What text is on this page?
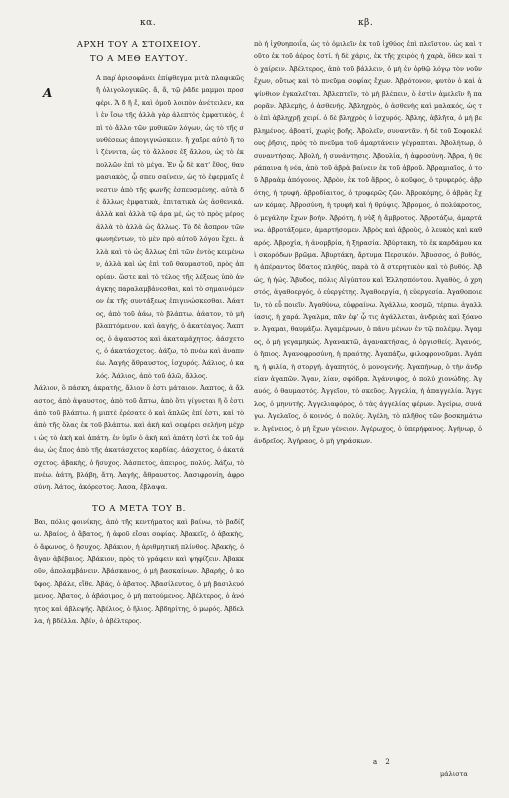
κα.	κβ.

ΑΡΧΗ ΤΟΥ Α ΣΤΟΙΧΕΙΟΥ.

ΤΟ Α ΜΕΘ ΕΑΥΤΟΥ.

Α
Α παρ̕ ἀρισοφάνει ἐπίφθεγμα μιτὰ πλαφικῶς ἢ ὀλιγολογικῶς. ἄ, ἄ, τῷ ῥᾶδε μαμμοι προσφέρι. Ἄ δ ἢ ἕ, καὶ ὁμοῦ λοιπὸν ἀνέτειλεν, καὶ ἐν ἴσω τῆς ἀλλὰ γὰρ ἀλεπτὸς ἐμφατικὸς, ἐπὶ τὸ ἄλλο τῶν μυθικῶν λόγων, ὡς τὸ τῆς συνθέσεως ἀπογιγνώσκειν. ἢ χαῖρε αὐτὸ ἢ τοὶ ζέννιτα, ὡς τὸ ἄλλοσε ἐξ ἄλλου, ὡς τὸ ἐκ πολλῶν ἐπὶ τὸ μέγα. Ἐν ᾧ δὲ κατ' ἔθος, θαυμασιακὸς, ᾧ σπευ σαίνειν, ὡς τὸ ἐφερμαῖς ἐνεστιν ἀπὸ τῆς φωνῆς ἐσπευσμένης. αὐτὰ δὲ ἄλλως ἐμφατικὰ, ἐπιτατικὰ ὡς ἀσθενικά. ἀλλὰ καὶ ἀλλὰ τῷ ἀρα μέ, ὡς τὸ πρὸς μέρος ἀλλὰ τὸ ἀλλὰ ὡς ἄλλως. Τὸ δὲ ἄσπρον τῶν φωνηέντων, τὸ μὲν πρὸ αὐτοῦ λόγου ἔχει. ἀλλὰ καὶ τὸ ὡς ἄλλως ἐπὶ τῶν ἐντὸς κειμένων, ἀλλὰ καὶ ὡς ἐπὶ τοῦ θαυμαστοῦ, πρὸς ἀπορίαν. ὥστε καὶ τὸ τέλος τῆς λέξεως ὑπὸ ἀνάγκης παραλαμβάνεσθαι, καὶ τὸ σημαινόμενον ἐκ τῆς συντάξεως ἐπιγινώσκεσθαι. Ἀάατος, ἀπὸ τοῦ ἀάω, τὸ βλάπτω. ἀάατον, τὸ μὴ βλαπτόμενον. καὶ ἀαγὴς, ὁ ἀκατέαγος. Ἄαπτος, ὁ ἀψαυστος καὶ ἀκαταμάχητος. ἀάσχετος, ὁ ἀκατάσχετος. ἀάζω, τὸ πνέω καὶ ἀναπνέω. Ἀαγὴς ἄθραυστος, ἰσχυρός. Ἀάλιος, ὁ καλός. Ἀάλιος, ἀπὸ τοῦ ἀλῶ, ἄλλος.

Ἀάλιον, ὃ πάσκη, ἀκρατὴς, ἄλιον ὅ ἐστι μάταιον. Ἀαπτος, ἀ ἄλαστος, ἀπὸ ἀψαυστος, ἀπὸ τοῦ ἅπτω, ἀπὸ ὅτι γίγνεται ἢ ὅ ἐστι ἀπὸ τοῦ βλάπτω. ἡ μιπτὲ ἐρέσατε ὁ καὶ ἁπλῶς ἐπί ἐστι, καὶ τὸ ἀπὸ τῆς ὅλας ἐκ τοῦ βλάπτω. καὶ ἀκὴ καὶ σεφέρει σελήνη μέχρι ὡς τὸ ἀκὴ καὶ ἀπάτη. ἐν ὑμῖν ὁ ἀκὴ καὶ ἀπάτη ἐστὶ ἐκ τοῦ ἀμάω, ὡς ἔπος ἀπὸ τῆς ἀκατάσχετος καρδίας. ἀάσχετος, ὁ ἀκατάσχετος. ἀβακὴς, ὁ ἤσυχος. Ἀάσπετος, ἀπειρος, πολύς. Ἀάζω, τὸ πνέω. ἀάτη, βλάβη, ἄτη. Ἀαγὴς, ἄθραυστος. Ἀασιφρονίη, ἀφροσύνη. Ἀάτος, ἀκόρεστος. Ἀασα, ἔβλαψα.

ΤΟ Α ΜΕΤΑ ΤΟΥ Β.

Βαι, πόλις φοινίκης, ἀπὸ τῆς κεντήματος καὶ βαίνω, τὸ βαδίζω. Ἀβαίος, ὁ ἄβατος, ἡ ἀφοῦ εἴσαι σοφίας. Ἀβακεῖς, ὁ ἀβακὴς, ὁ ἄφωνος, ὁ ἤσυχος. Ἀβάκιον, ἡ ἀριθμητική πλίνθος. Ἀβακὴς, ὁ ἄγαν ἀβέβαιος. Ἀβάκιον, πρὸς τὸ γράφειν καὶ ψηφίζειν. Ἀβακκοῦν, ἀπολαμβάνειν. Ἀβάσκανος, ὁ μὴ βασκαίνων. Ἀβαρὴς, ὁ κοῦφος. Ἀβάλε, εἴθε. Ἀβάς, ὁ ἀβατος. Ἀβασίλευτος, ὁ μὴ βασιλευόμενος. Ἀβατος, ὁ ἀβάσιμος, ὁ μὴ πατούμενος. Ἀβέλτερος, ὁ ἀνόητος καὶ ἀβλεψής. Ἀβέλιος, ὁ ἥλιος. Ἀβδηρίτης, ὁ μωρός. Ἀβδελλα, ἡ βδέλλα. Ἀβίν, ὁ ἀβέλτερος.

πὸ ἡ ἰχθυηποιΐα, ὡς τὸ ὁμιλεῖν ἐκ τοῦ ἰχθύος ἐπὶ πλεῖστον. ὡς καὶ τοῦτο ἐκ τοῦ ἀέρος ἐστί. ἡ δὲ χάρις, ἐκ τῆς χειρὸς ἡ χαρὰ, ὅθεν καὶ τὸ χαίρειν. Ἀβέλτερος, ἀπὸ τοῦ βάλλειν, ὁ μὴ ἐν ὀρθῷ λόγῳ τὸν νοῦν ἔχων, οὕτως καὶ τὸ πνεῦμα σοφίας ἔχων. Ἀβρότονον, φυτὸν ὁ καὶ ἀψίνθιον ἐγκαλεῖται. Ἀβλεπτεῖν, τὸ μὴ βλέπειν, ὁ ἐστὶν ἀμελεῖν ἢ παρορᾶν. Ἀβλεμὴς, ὁ ἀσθενής. Ἀβληχρὸς, ὁ ἀσθενὴς καὶ μαλακός, ὡς τὸ ἐπὶ ἀβληχρῇ χειρί. ὁ δὲ βληχρὸς ὁ ἰσχυρός. Ἀβλης, ἀβλῆτα, ὁ μὴ βεβλημένος. ἀβοατί, χωρὶς βοῆς. Ἀβολεῖν, συναντᾶν. ἡ δὲ τοῦ Σοφοκλέους ῥῆσις, πρὸς τὸ πνεῦμα τοῦ ἀμαρτάνειν γέγραπται. Ἀβολήτωρ, ὁ συναντήσας. Ἀβολή, ἡ συνάντησις. Ἀβουλία, ἡ ἀφροσύνη. Ἄβρα, ἡ θεράπαινα ἡ νέα, ἀπὸ τοῦ ἁβρὰ βαίνειν ἐκ τοῦ ἁβροῦ. Ἀβραμιαῖος, ὁ τοῦ Ἀβραὰμ ἀπόγονος. Ἀβρὸν, ἐκ τοῦ ἅβρος, ὁ κοῦφος, ὁ τρυφερός. ἁβρότης, ἡ τρυφή. ἁβροδίαιτος, ὁ τρυφερῶς ζῶν. Ἀβροκόμης, ὁ ἁβρὰς ἔχων κόμας. Ἁβροσύνη, ἡ τρυφὴ καὶ ἡ θρύψις. Ἄβρομος, ὁ πολύκροτος, ὁ μεγάλην ἔχων βοήν. Ἀβρότη, ἡ νὺξ ἡ ἄμβροτος. Ἀβροτάζω, ἁμαρτάνω. ἀβροτάξομεν, ἁμαρτήσομεν. Ἀβρὸς καὶ ἁβροὺς, ὁ λευκὸς καὶ καθαρός. Ἀβροχία, ἡ ἀνομβρία, ἡ ξηρασία. Ἀβύρτακη, τὸ ἐκ καρδάμου καὶ σκορόδων βρῶμα. Ἀβυρτάκη, ἄρτυμα Περσικόν. Ἄβυσσος, ὁ βυθός, ἡ ἀπέραντος ὕδατος πληθύς, παρὰ τὸ ἄ στερητικὸν καὶ τὸ βυθός. Ἀβώς, ἡ ἠώς. Ἄβυδος, πόλις Αἰγύπτου καὶ Ἑλλησπόντου. Ἀγαθὸς, ὁ χρηστός, ἀγαθοεργός, ὁ εὐεργέτης. Ἀγαθοεργία, ἡ εὐεργεσία. Ἀγαθοποιεῖν, τὸ εὖ ποιεῖν. Ἀγαθύνω, εὐφραίνω. Ἀγάλλω, κοσμῶ, τέρπω. ἀγαλλίασις, ἡ χαρά. Ἄγαλμα, πᾶν ἐφ' ᾧ τις ἀγάλλεται, ἀνδριὰς καὶ ξόανον. Ἀγαμαι, θαυμάζω. Ἀγαμέμνων, ὁ πάνυ μένων ἐν τῷ πολέμῳ. Ἄγαμος, ὁ μὴ γεγαμηκώς. Ἀγανακτῶ, ἀγανακτήσας, ὁ ὀργισθείς. Ἀγανός, ὁ ἤπιος. Ἀγανοφροσύνη, ἡ πραότης. Ἀγαπάζω, φιλοφρονοῦμαι. Ἀγάπη, ἡ φιλία, ἡ στοργή. ἀγαπητός, ὁ μονογενής. Ἀγαπήνωρ, ὁ τὴν ἀνδρείαν ἀγαπῶν. Ἄγαν, λίαν, σφόδρα. Ἀγάννιφος, ὁ πολύ χιονώδης. Ἀγαυός, ὁ θαυμαστός. Ἀγγεῖον, τὸ σκεῦος. Ἀγγελία, ἡ ἀπαγγελία. Ἄγγελος, ὁ μηνυτής. Ἀγγελιαφόρος, ὁ τὰς ἀγγελίας φέρων. Ἀγείρω, συνάγω. Ἀγελαῖος, ὁ κοινός, ὁ πολύς. Ἀγέλη, τὸ πλῆθος τῶν βοσκημάτων. Ἀγένειος, ὁ μὴ ἔχων γένειον. Ἀγέρωχος, ὁ ὑπερήφανος. Ἀγήνωρ, ὁ ἀνδρεῖος. Ἀγήραος, ὁ μὴ γηράσκων.

a 2
μάλιστα
